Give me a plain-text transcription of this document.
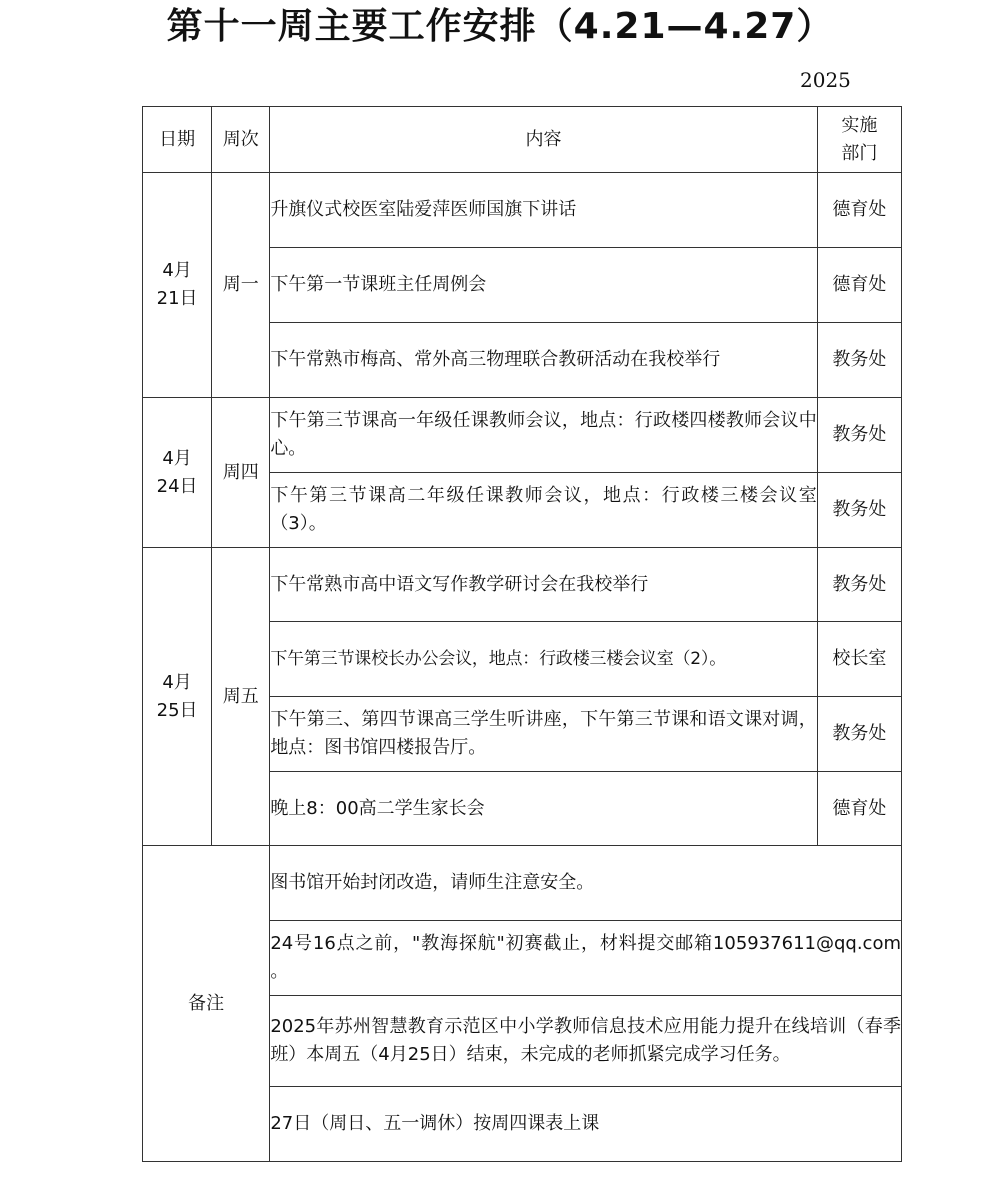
第十一周主要工作安排（4.21—4.27）
2025
日期	周次	内容	实施
部门
4月
21日	周一	升旗仪式校医室陆爱萍医师国旗下讲话	德育处
		下午第一节课班主任周例会	德育处
		下午常熟市梅高、常外高三物理联合教研活动在我校举行	教务处
4月
24日	周四	下午第三节课高一年级任课教师会议，地点：行政楼四楼教师会议中心。	教务处
		下午第三节课高二年级任课教师会议，地点：行政楼三楼会议室（3）。	教务处
4月
25日	周五	下午常熟市高中语文写作教学研讨会在我校举行	教务处
		下午第三节课校长办公会议，地点：行政楼三楼会议室（2）。	校长室
		下午第三、第四节课高三学生听讲座，下午第三节课和语文课对调，地点：图书馆四楼报告厅。	教务处
		晚上8：00高二学生家长会	德育处
备注		图书馆开始封闭改造，请师生注意安全。	
		24号16点之前，"教海探航"初赛截止，材料提交邮箱105937611@qq.com 。	
		2025年苏州智慧教育示范区中小学教师信息技术应用能力提升在线培训（春季班）本周五（4月25日）结束，未完成的老师抓紧完成学习任务。	
		27日（周日、五一调休）按周四课表上课	
